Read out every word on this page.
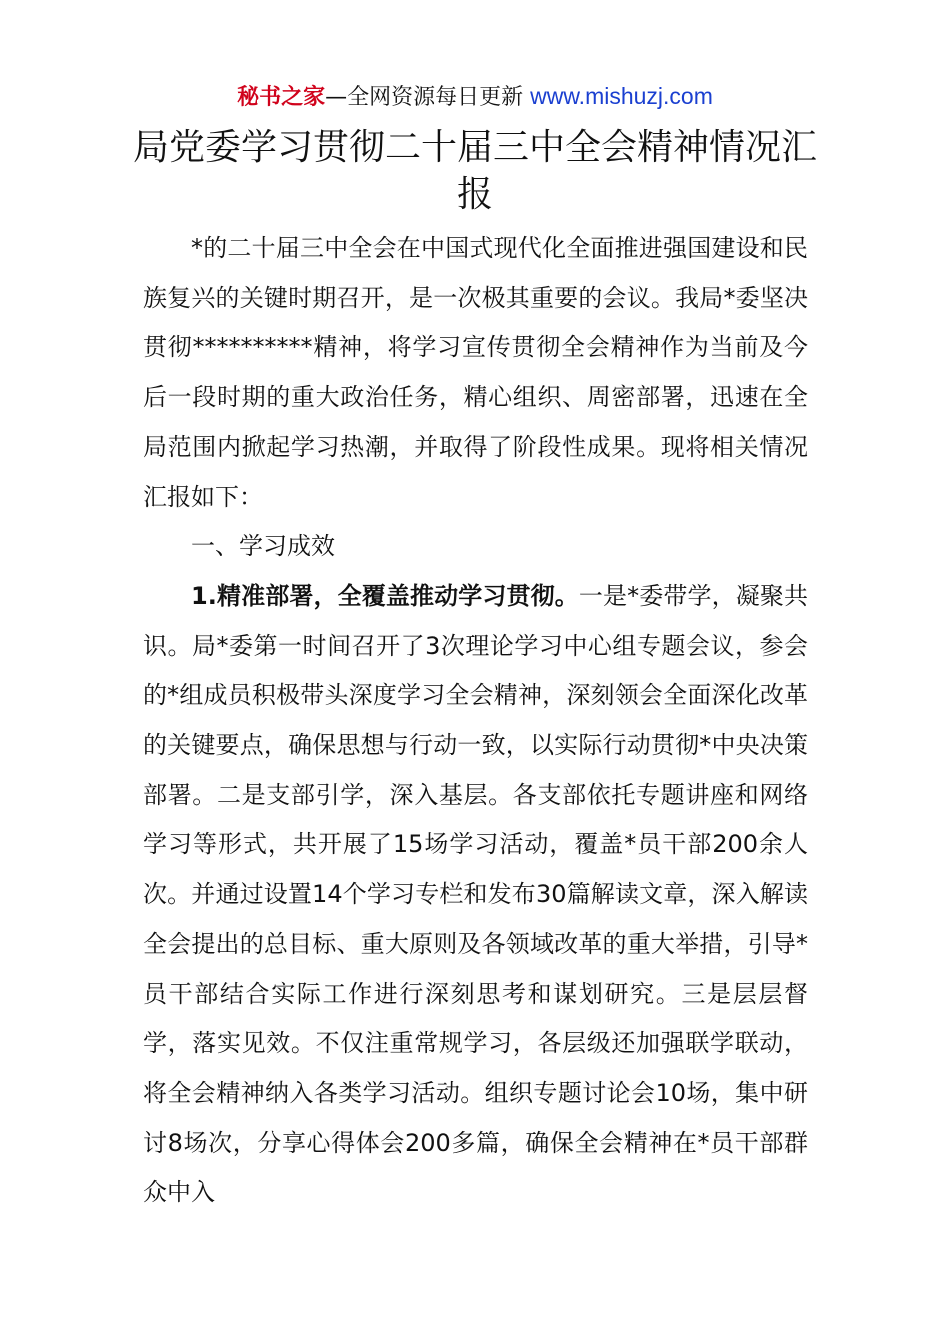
秘书之家—全网资源每日更新 www.mishuzj.com
局党委学习贯彻二十届三中全会精神情况汇报

*的二十届三中全会在中国式现代化全面推进强国建设和民族复兴的关键时期召开，是一次极其重要的会议。我局*委坚决贯彻**********精神，将学习宣传贯彻全会精神作为当前及今后一段时期的重大政治任务，精心组织、周密部署，迅速在全局范围内掀起学习热潮，并取得了阶段性成果。现将相关情况汇报如下：

一、学习成效

1.精准部署，全覆盖推动学习贯彻。一是*委带学，凝聚共识。局*委第一时间召开了3次理论学习中心组专题会议，参会的*组成员积极带头深度学习全会精神，深刻领会全面深化改革的关键要点，确保思想与行动一致，以实际行动贯彻*中央决策部署。二是支部引学，深入基层。各支部依托专题讲座和网络学习等形式，共开展了15场学习活动，覆盖*员干部200余人次。并通过设置14个学习专栏和发布30篇解读文章，深入解读全会提出的总目标、重大原则及各领域改革的重大举措，引导*员干部结合实际工作进行深刻思考和谋划研究。三是层层督学，落实见效。不仅注重常规学习，各层级还加强联学联动，将全会精神纳入各类学习活动。组织专题讨论会10场，集中研讨8场次，分享心得体会200多篇，确保全会精神在*员干部群众中入
